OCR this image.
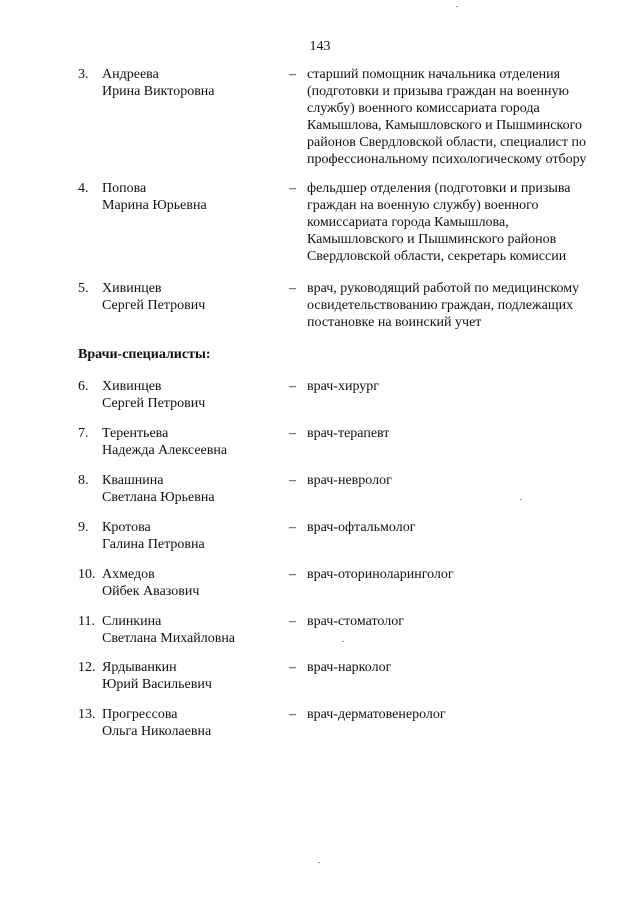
143
3. Андреева
Ирина Викторовна
– старший помощник начальника отделения
(подготовки и призыва граждан на военную
службу) военного комиссариата города
Камышлова, Камышловского и Пышминского
районов Свердловской области, специалист по
профессиональному психологическому отбору
4. Попова
Марина Юрьевна
– фельдшер отделения (подготовки и призыва
граждан на военную службу) военного
комиссариата города Камышлова,
Камышловского и Пышминского районов
Свердловской области, секретарь комиссии
5. Хивинцев
Сергей Петрович
– врач, руководящий работой по медицинскому
освидетельствованию граждан, подлежащих
постановке на воинский учет
Врачи-специалисты:
6. Хивинцев
Сергей Петрович
– врач-хирург
7. Терентьева
Надежда Алексеевна
– врач-терапевт
8. Квашнина
Светлана Юрьевна
– врач-невролог
9. Кротова
Галина Петровна
– врач-офтальмолог
10. Ахмедов
Ойбек Авазович
– врач-оториноларинголог
11. Слинкина
Светлана Михайловна
– врач-стоматолог
12. Ярдыванкин
Юрий Васильевич
– врач-нарколог
13. Прогрессова
Ольга Николаевна
– врач-дерматовенеролог
